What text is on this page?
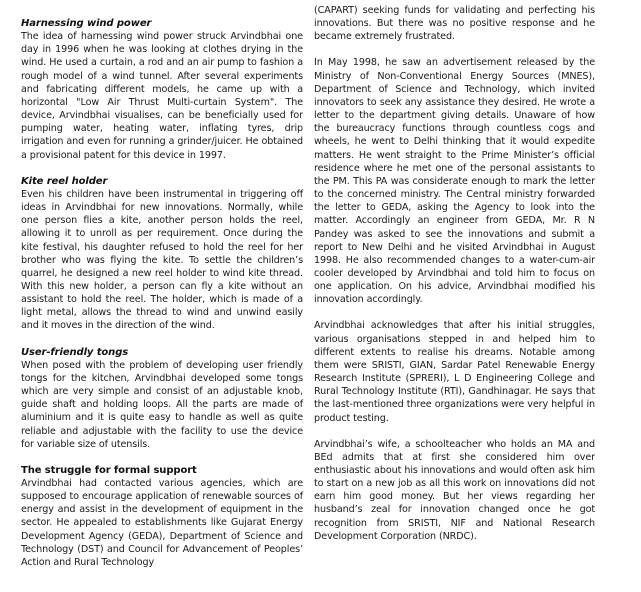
Harnessing wind power

The idea of harnessing wind power struck Arvindbhai one day in 1996 when he was looking at clothes drying in the wind. He used a curtain, a rod and an air pump to fashion a rough model of a wind tunnel. After several experiments and fabricating different models, he came up with a horizontal "Low Air Thrust Multi-curtain System". The device, Arvindbhai visualises, can be beneficially used for pumping water, heating water, inflating tyres, drip irrigation and even for running a grinder/juicer. He obtained a provisional patent for this device in 1997.

Kite reel holder

Even his children have been instrumental in triggering off ideas in Arvindbhai for new innovations. Normally, while one person flies a kite, another person holds the reel, allowing it to unroll as per requirement. Once during the kite festival, his daughter refused to hold the reel for her brother who was flying the kite. To settle the children’s quarrel, he designed a new reel holder to wind kite thread. With this new holder, a person can fly a kite without an assistant to hold the reel. The holder, which is made of a light metal, allows the thread to wind and unwind easily and it moves in the direction of the wind.

User-friendly tongs

When posed with the problem of developing user friendly tongs for the kitchen, Arvindbhai developed some tongs which are very simple and consist of an adjustable knob, guide shaft and holding loops. All the parts are made of aluminium and it is quite easy to handle as well as quite reliable and adjustable with the facility to use the device for variable size of utensils.

The struggle for formal support

Arvindbhai had contacted various agencies, which are supposed to encourage application of renewable sources of energy and assist in the development of equipment in the sector. He appealed to establishments like Gujarat Energy Development Agency (GEDA), Department of Science and Technology (DST) and Council for Advancement of Peoples’ Action and Rural Technology

(CAPART) seeking funds for validating and perfecting his innovations. But there was no positive response and he became extremely frustrated.

In May 1998, he saw an advertisement released by the Ministry of Non-Conventional Energy Sources (MNES), Department of Science and Technology, which invited innovators to seek any assistance they desired. He wrote a letter to the department giving details. Unaware of how the bureaucracy functions through countless cogs and wheels, he went to Delhi thinking that it would expedite matters. He went straight to the Prime Minister’s official residence where he met one of the personal assistants to the PM. This PA was considerate enough to mark the letter to the concerned ministry. The Central ministry forwarded the letter to GEDA, asking the Agency to look into the matter. Accordingly an engineer from GEDA, Mr. R N Pandey was asked to see the innovations and submit a report to New Delhi and he visited Arvindbhai in August 1998. He also recommended changes to a water-cum-air cooler developed by Arvindbhai and told him to focus on one application. On his advice, Arvindbhai modified his innovation accordingly.

Arvindbhai acknowledges that after his initial struggles, various organisations stepped in and helped him to different extents to realise his dreams. Notable among them were SRISTI, GIAN, Sardar Patel Renewable Energy Research Institute (SPRERI), L D Engineering College and Rural Technology Institute (RTI), Gandhinagar. He says that the last-mentioned three organizations were very helpful in product testing.

Arvindbhai’s wife, a schoolteacher who holds an MA and BEd admits that at first she considered him over enthusiastic about his innovations and would often ask him to start on a new job as all this work on innovations did not earn him good money. But her views regarding her husband’s zeal for innovation changed once he got recognition from SRISTI, NIF and National Research Development Corporation (NRDC).
